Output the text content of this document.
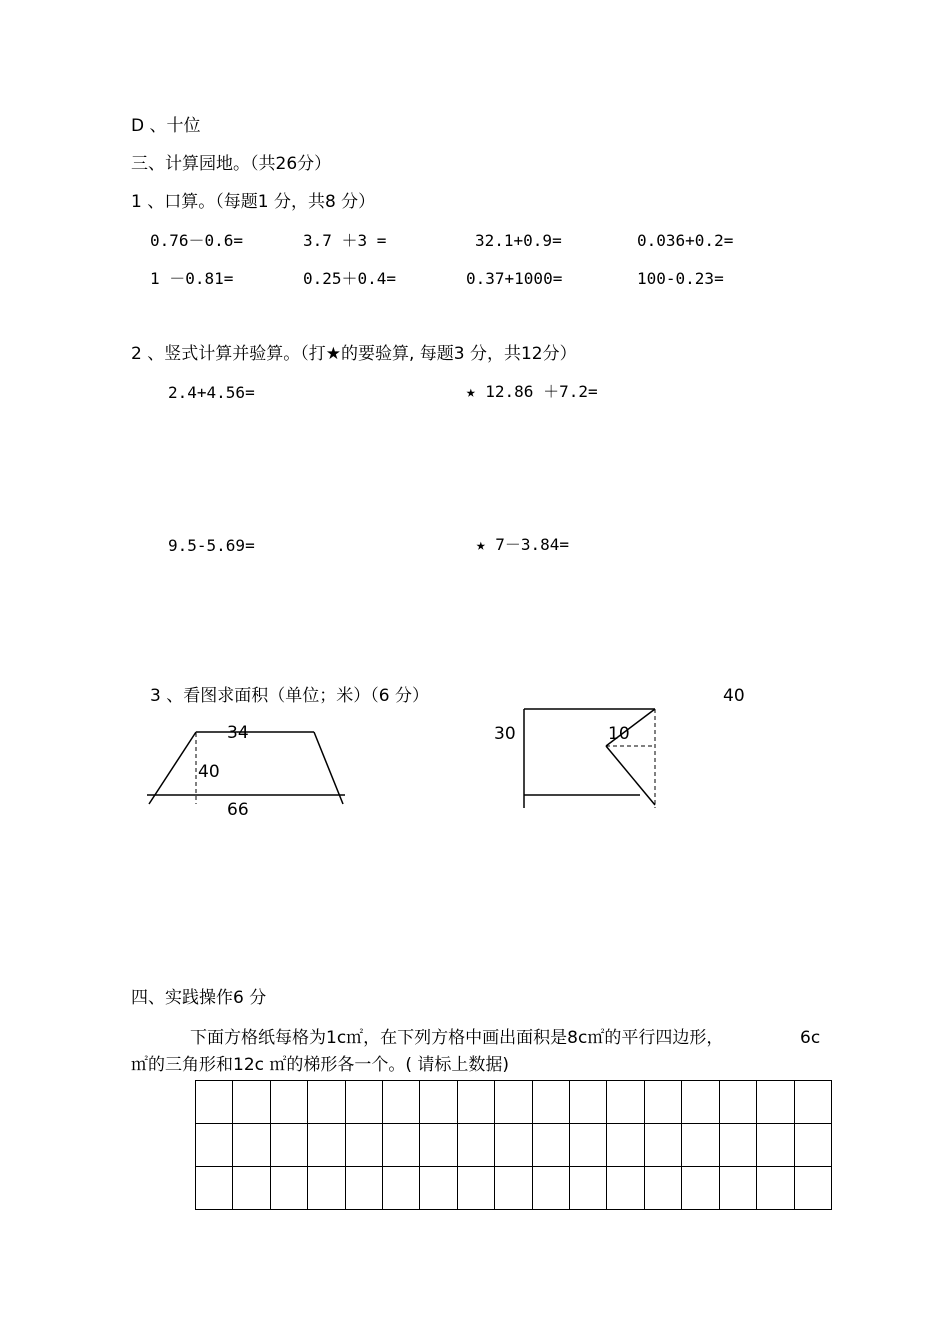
D 、十位
三、计算园地。（共26分）
1 、口算。（每题1 分，共8 分）
0.76－0.6=	3.7 ＋3 =	32.1+0.9=	0.036+0.2=
1 －0.81=	0.25＋0.4=	0.37+1000=	100-0.23=
2 、竖式计算并验算。（打★的要验算, 每题3 分，共12分）
2.4+4.56=	★ 12.86 ＋7.2=
9.5-5.69=	★ 7－3.84=
3 、看图求面积（单位；米）（6 分）
34
40
66
40
30	10
四、实践操作6 分
下面方格纸每格为1c㎡，在下列方格中画出面积是8c㎡的平行四边形，	6c
㎡的三角形和12c ㎡的梯形各一个。( 请标上数据)
